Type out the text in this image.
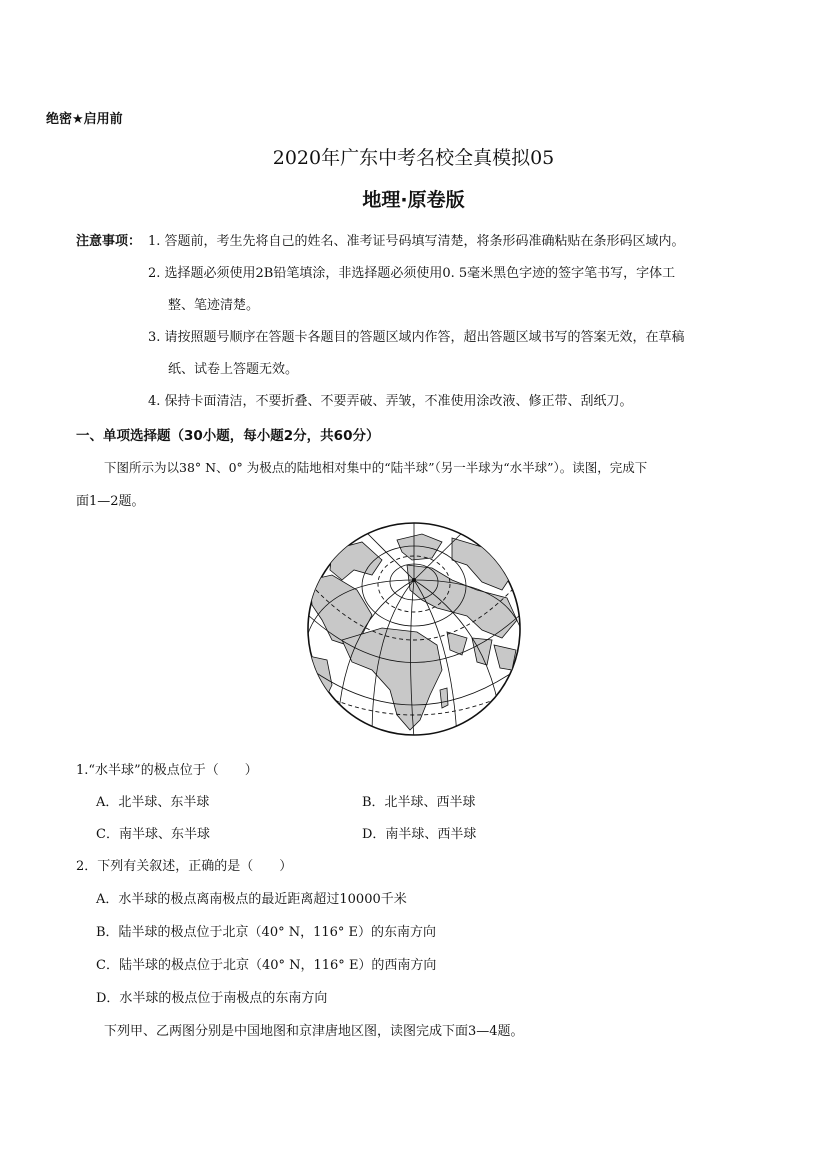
绝密★启用前
2020年广东中考名校全真模拟05
地理·原卷版
注意事项： 1. 答题前，考生先将自己的姓名、准考证号码填写清楚，将条形码准确粘贴在条形码区域内。
2. 选择题必须使用2B铅笔填涂，非选择题必须使用0. 5毫米黑色字迹的签字笔书写，字体工
整、笔迹清楚。
3. 请按照题号顺序在答题卡各题目的答题区域内作答，超出答题区域书写的答案无效，在草稿
纸、试卷上答题无效。
4. 保持卡面清洁，不要折叠、不要弄破、弄皱，不准使用涂改液、修正带、刮纸刀。
一、单项选择题（30小题，每小题2分，共60分）
下图所示为以38° N、0° 为极点的陆地相对集中的“陆半球”（另一半球为“水半球”）。读图，完成下
面1—2题。
1.“水半球”的极点位于（　　）
A．北半球、东半球	B．北半球、西半球
C．南半球、东半球	D．南半球、西半球
2．下列有关叙述，正确的是（　　）
A．水半球的极点离南极点的最近距离超过10000千米
B．陆半球的极点位于北京（40° N，116° E）的东南方向
C．陆半球的极点位于北京（40° N，116° E）的西南方向
D．水半球的极点位于南极点的东南方向
下列甲、乙两图分别是中国地图和京津唐地区图，读图完成下面3—4题。
